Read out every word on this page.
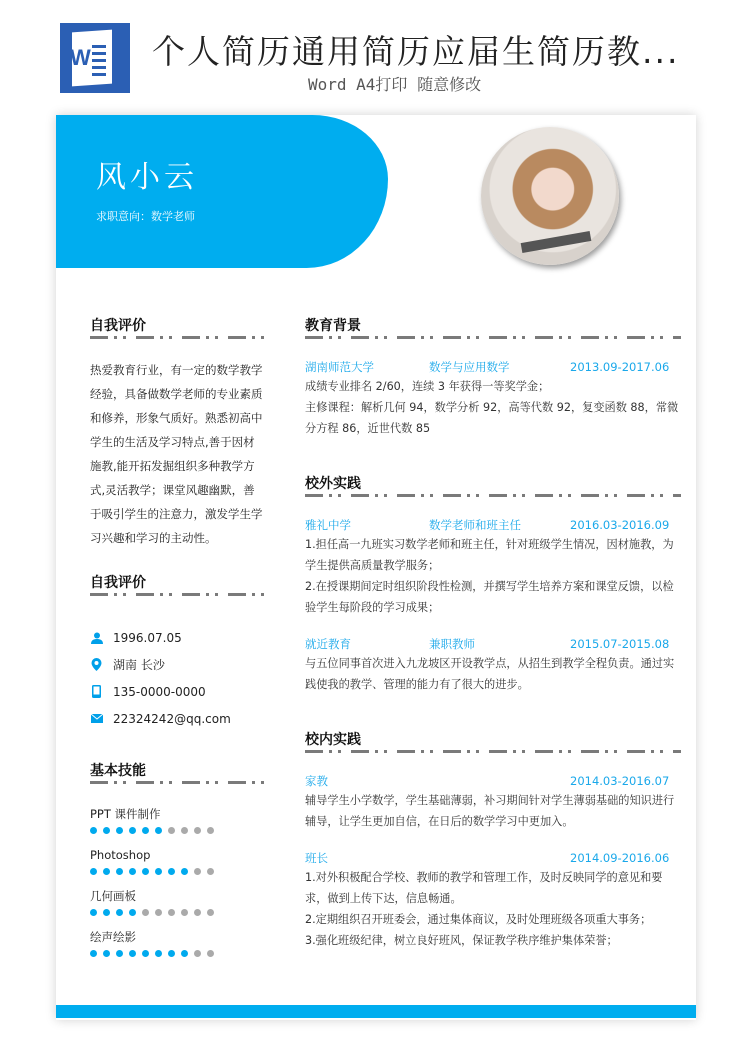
W 个人简历通用简历应届生简历教...
Word A4打印 随意修改
风小云
求职意向：数学老师
自我评价
热爱教育行业，有一定的数学教学经验，具备做数学老师的专业素质和修养，形象气质好。熟悉初高中学生的生活及学习特点,善于因材施教,能开拓发掘组织多种教学方式,灵活教学；课堂风趣幽默，善于吸引学生的注意力，激发学生学习兴趣和学习的主动性。
自我评价
1996.07.05
湖南 长沙
135-0000-0000
22324242@qq.com
基本技能
PPT 课件制作
Photoshop
几何画板
绘声绘影
教育背景
湖南师范大学	数学与应用数学	2013.09-2017.06
成绩专业排名 2/60，连续 3 年获得一等奖学金；
主修课程：解析几何 94，数学分析 92，高等代数 92，复变函数 88，常微分方程 86，近世代数 85
校外实践
雅礼中学	数学老师和班主任	2016.03-2016.09
1.担任高一九班实习数学老师和班主任，针对班级学生情况，因材施教，为学生提供高质量教学服务；
2.在授课期间定时组织阶段性检测，并撰写学生培养方案和课堂反馈，以检验学生每阶段的学习成果；
就近教育	兼职教师	2015.07-2015.08
与五位同事首次进入九龙坡区开设教学点，从招生到教学全程负责。通过实践使我的教学、管理的能力有了很大的进步。
校内实践
家教	2014.03-2016.07
辅导学生小学数学，学生基础薄弱，补习期间针对学生薄弱基础的知识进行辅导，让学生更加自信，在日后的数学学习中更加入。
班长	2014.09-2016.06
1.对外积极配合学校、教师的教学和管理工作，及时反映同学的意见和要求，做到上传下达，信息畅通。
2.定期组织召开班委会，通过集体商议，及时处理班级各项重大事务；
3.强化班级纪律，树立良好班风，保证教学秩序维护集体荣誉；
